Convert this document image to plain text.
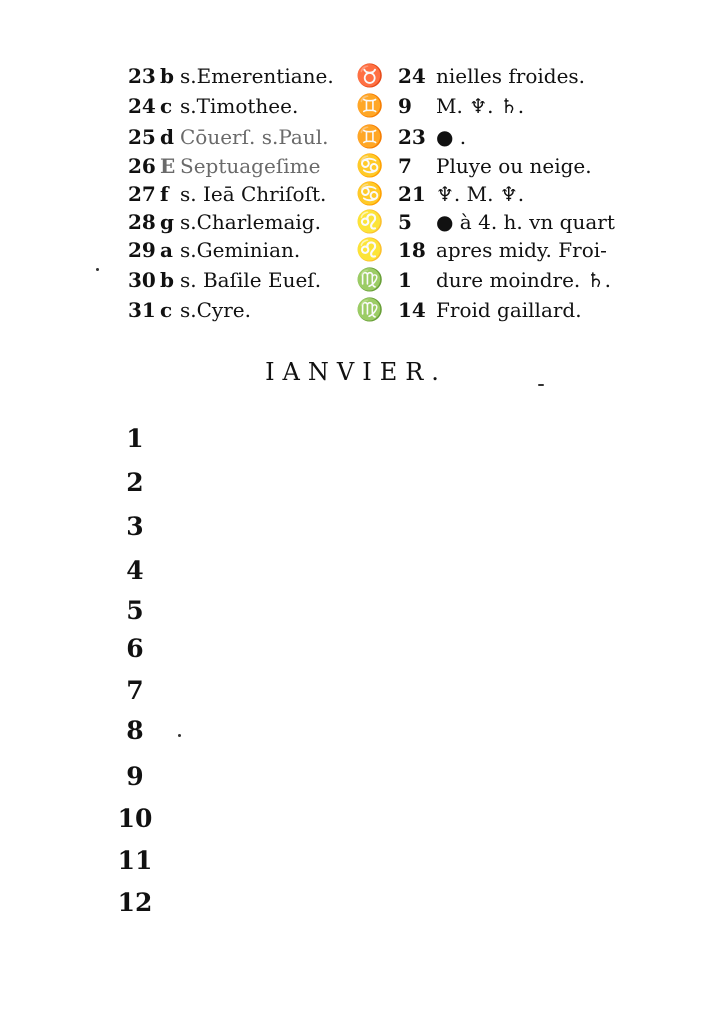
23 b s.Emerentiane.	♉ 24 nielles froides.
24 c s.Timothee.	♊ 9	M. ♆. ♄.
25 d Cōuerſ. s.Paul.	♊ 23 ● .
26 E Septuageſime	♋ 7	Pluye ou neige.
27 f s. Ieā Chriſoſt.	♋ 21 ♆. M. ♆.
28 g s.Charlemaig.	♌ 5	● à 4. h. vn quart
29 a s.Geminian.	♌ 18 apres midy. Froi-
30 b s. Baſile Eueſ.	♍ 1	dure moindre. ♄.
31 c s.Cyre.	♍ 14 Froid gaillard.
IANVIER.
1
2
3
4
5
6
7
8
9
10
11
12
